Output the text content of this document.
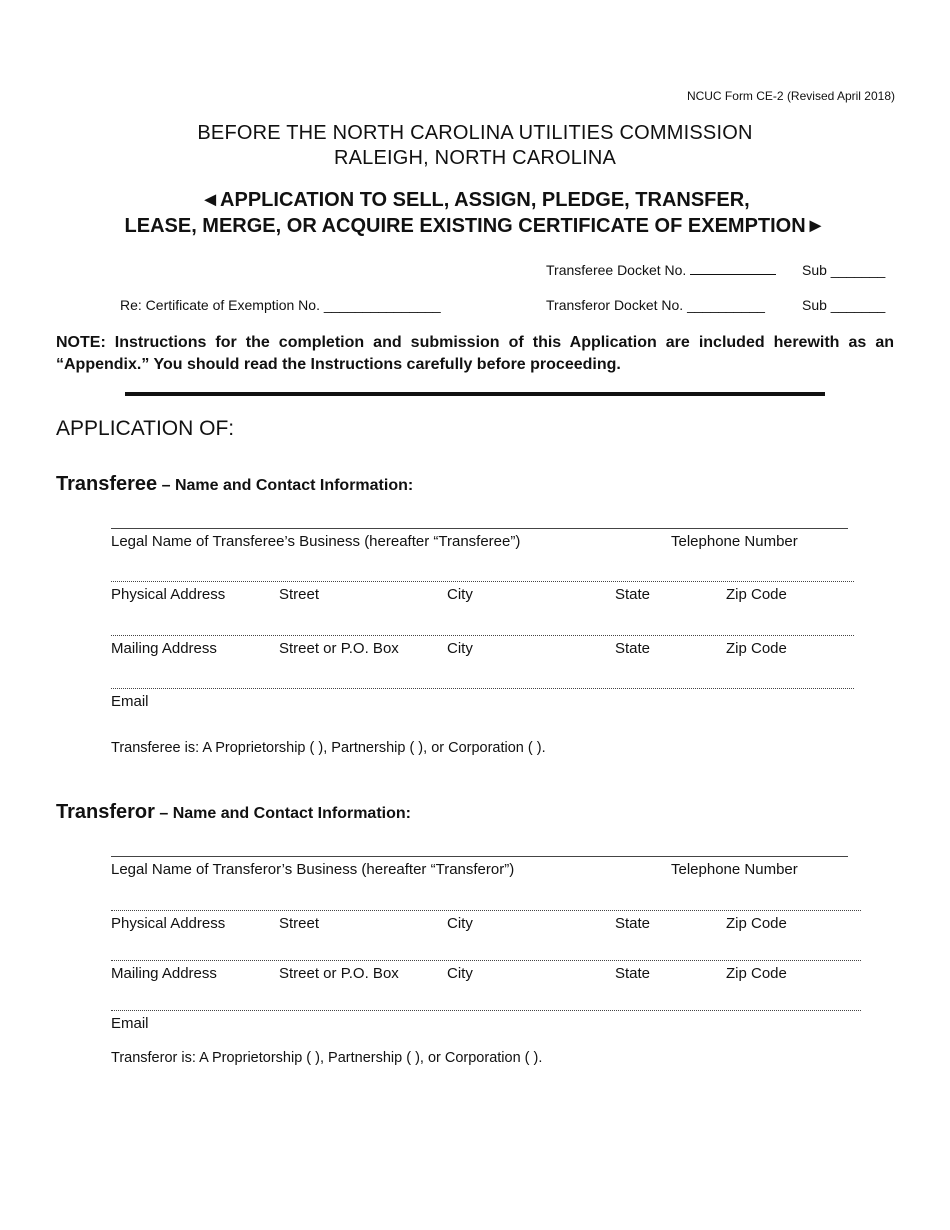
NCUC Form CE-2 (Revised April 2018)
BEFORE THE NORTH CAROLINA UTILITIES COMMISSION
RALEIGH, NORTH CAROLINA
◄APPLICATION TO SELL, ASSIGN, PLEDGE, TRANSFER,
LEASE, MERGE, OR ACQUIRE EXISTING CERTIFICATE OF EXEMPTION►
Transferee Docket No.	Sub _______
Re: Certificate of Exemption No. _______________	Transferor Docket No. __________	Sub _______
NOTE: Instructions for the completion and submission of this Application are included herewith as an “Appendix.” You should read the Instructions carefully before proceeding.
APPLICATION OF:
Transferee – Name and Contact Information:
Legal Name of Transferee’s Business (hereafter “Transferee”)	Telephone Number
Physical Address	Street	City	State	Zip Code
Mailing Address	Street or P.O. Box	City	State	Zip Code
Email
Transferee is: A Proprietorship ( ), Partnership ( ), or Corporation ( ).
Transferor – Name and Contact Information:
Legal Name of Transferor’s Business (hereafter “Transferor”)	Telephone Number
Physical Address	Street	City	State	Zip Code
Mailing Address	Street or P.O. Box	City	State	Zip Code
Email
Transferor is: A Proprietorship ( ), Partnership ( ), or Corporation ( ).
